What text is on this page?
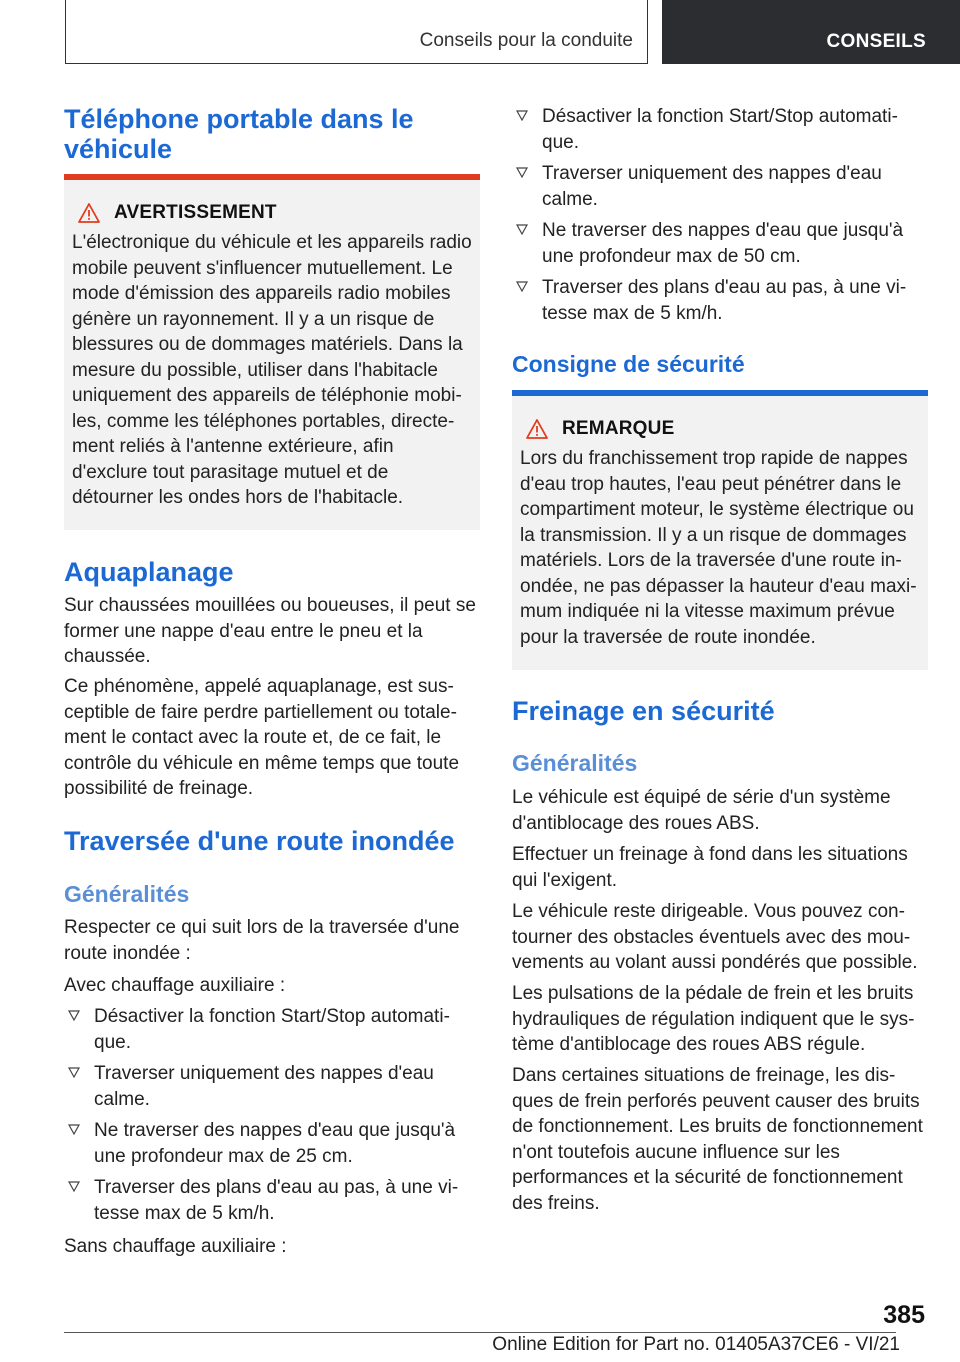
Conseils pour la conduite	CONSEILS
Téléphone portable dans le véhicule
AVERTISSEMENT
L'électronique du véhicule et les appareils radio mobile peuvent s'influencer mutuellement. Le mode d'émission des appareils radio mobiles génère un rayonnement. Il y a un risque de blessures ou de dommages matériels. Dans la mesure du possible, utiliser dans l'habitacle uniquement des appareils de téléphonie mobiles, comme les téléphones portables, directement reliés à l'antenne extérieure, afin d'exclure tout parasitage mutuel et de détourner les ondes hors de l'habitacle.
Aquaplanage

Sur chaussées mouillées ou boueuses, il peut se former une nappe d'eau entre le pneu et la chaussée.

Ce phénomène, appelé aquaplanage, est susceptible de faire perdre partiellement ou totalement le contact avec la route et, de ce fait, le contrôle du véhicule en même temps que toute possibilité de freinage.

Traversée d'une route inondée
Généralités

Respecter ce qui suit lors de la traversée d'une route inondée :

Avec chauffage auxiliaire :

Désactiver la fonction Start/Stop automatique.
Traverser uniquement des nappes d'eau calme.
Ne traverser des nappes d'eau que jusqu'à une profondeur max de 25 cm.
Traverser des plans d'eau au pas, à une vitesse max de 5 km/h.

Sans chauffage auxiliaire :

Désactiver la fonction Start/Stop automatique.
Traverser uniquement des nappes d'eau calme.
Ne traverser des nappes d'eau que jusqu'à une profondeur max de 50 cm.
Traverser des plans d'eau au pas, à une vitesse max de 5 km/h.
Consigne de sécurité
REMARQUE
Lors du franchissement trop rapide de nappes d'eau trop hautes, l'eau peut pénétrer dans le compartiment moteur, le système électrique ou la transmission. Il y a un risque de dommages matériels. Lors de la traversée d'une route inondée, ne pas dépasser la hauteur d'eau maximum indiquée ni la vitesse maximum prévue pour la traversée de route inondée.
Freinage en sécurité
Généralités

Le véhicule est équipé de série d'un système d'antiblocage des roues ABS.

Effectuer un freinage à fond dans les situations qui l'exigent.

Le véhicule reste dirigeable. Vous pouvez contourner des obstacles éventuels avec des mouvements au volant aussi pondérés que possible.

Les pulsations de la pédale de frein et les bruits hydrauliques de régulation indiquent que le système d'antiblocage des roues ABS régule.

Dans certaines situations de freinage, les disques de frein perforés peuvent causer des bruits de fonctionnement. Les bruits de fonctionnement n'ont toutefois aucune influence sur les performances et la sécurité de fonctionnement des freins.

385
Online Edition for Part no. 01405A37CE6 - VI/21
